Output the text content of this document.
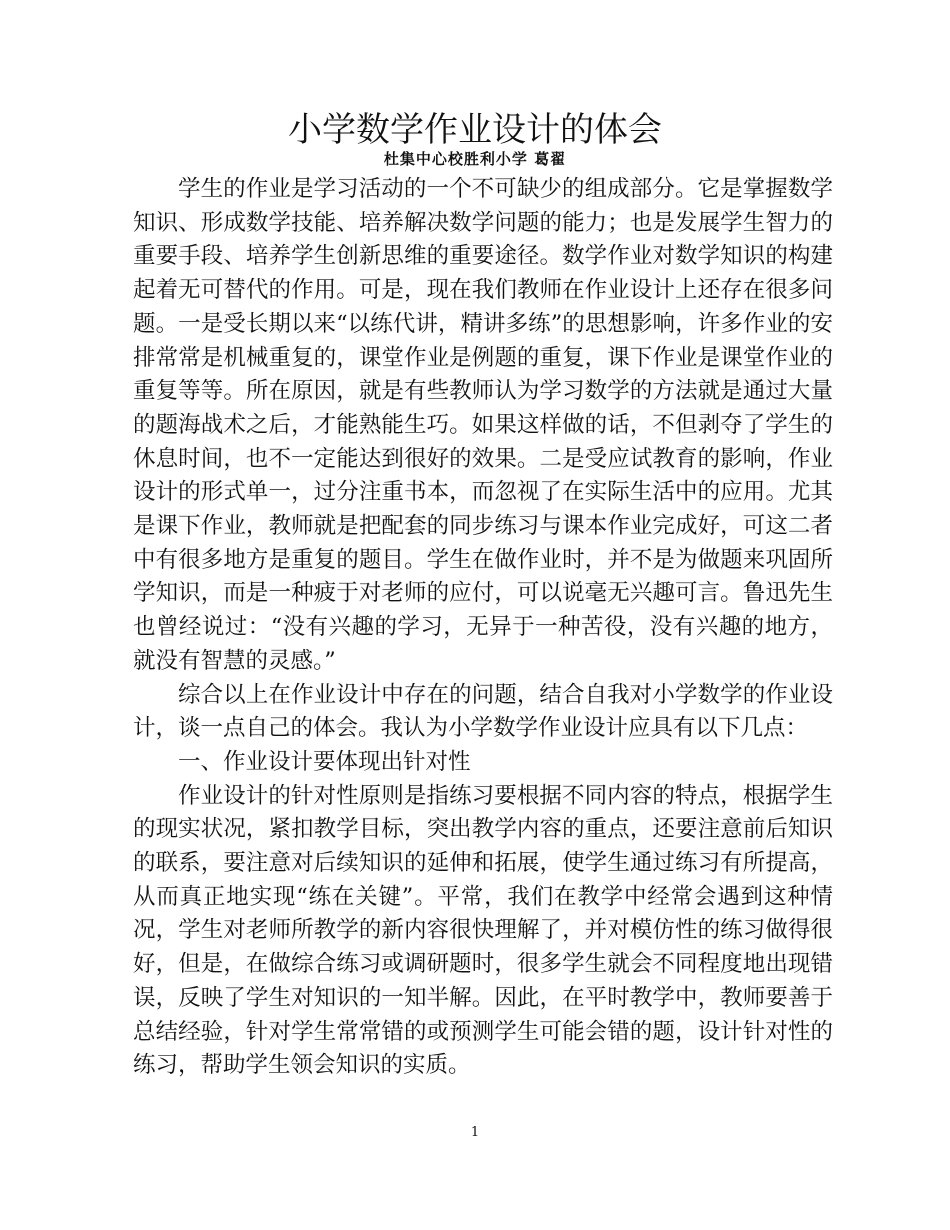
小学数学作业设计的体会
杜集中心校胜利小学 葛翟

学生的作业是学习活动的一个不可缺少的组成部分。它是掌握数学知识、形成数学技能、培养解决数学问题的能力；也是发展学生智力的重要手段、培养学生创新思维的重要途径。数学作业对数学知识的构建起着无可替代的作用。可是，现在我们教师在作业设计上还存在很多问题。一是受长期以来“以练代讲，精讲多练”的思想影响，许多作业的安排常常是机械重复的，课堂作业是例题的重复，课下作业是课堂作业的重复等等。所在原因，就是有些教师认为学习数学的方法就是通过大量的题海战术之后，才能熟能生巧。如果这样做的话，不但剥夺了学生的休息时间，也不一定能达到很好的效果。二是受应试教育的影响，作业设计的形式单一，过分注重书本，而忽视了在实际生活中的应用。尤其是课下作业，教师就是把配套的同步练习与课本作业完成好，可这二者中有很多地方是重复的题目。学生在做作业时，并不是为做题来巩固所学知识，而是一种疲于对老师的应付，可以说毫无兴趣可言。鲁迅先生也曾经说过：“没有兴趣的学习，无异于一种苦役，没有兴趣的地方，就没有智慧的灵感。”

综合以上在作业设计中存在的问题，结合自我对小学数学的作业设计，谈一点自己的体会。我认为小学数学作业设计应具有以下几点：

一、作业设计要体现出针对性

作业设计的针对性原则是指练习要根据不同内容的特点，根据学生的现实状况，紧扣教学目标，突出教学内容的重点，还要注意前后知识的联系，要注意对后续知识的延伸和拓展，使学生通过练习有所提高，从而真正地实现“练在关键”。平常，我们在教学中经常会遇到这种情况，学生对老师所教学的新内容很快理解了，并对模仿性的练习做得很好，但是，在做综合练习或调研题时，很多学生就会不同程度地出现错误，反映了学生对知识的一知半解。因此，在平时教学中，教师要善于总结经验，针对学生常常错的或预测学生可能会错的题，设计针对性的练习，帮助学生领会知识的实质。

1
